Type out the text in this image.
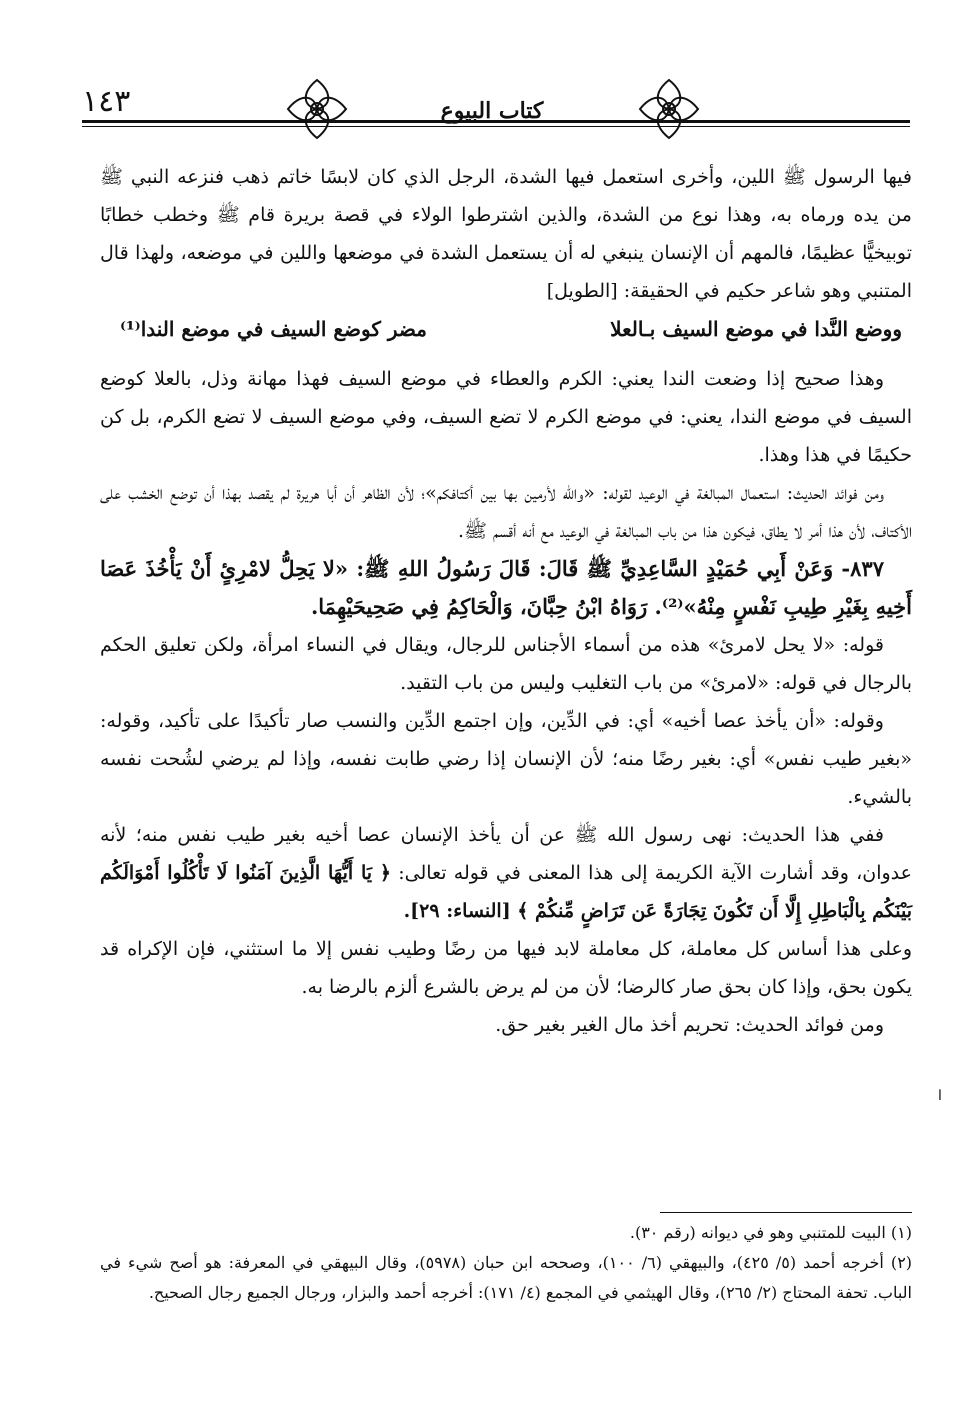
١٤٣	كتاب البيوع

فيها الرسول ﷺ اللين، وأخرى استعمل فيها الشدة، الرجل الذي كان لابسًا خاتم ذهب فنزعه النبي ﷺ من يده ورماه به، وهذا نوع من الشدة، والذين اشترطوا الولاء في قصة بريرة قام ﷺ وخطب خطابًا توبيخيًّا عظيمًا، فالمهم أن الإنسان ينبغي له أن يستعمل الشدة في موضعها واللين في موضعه، ولهذا قال المتنبي وهو شاعر حكيم في الحقيقة: [الطويل]

ووضع النَّدا في موضع السيف بـالعلا
مضر كوضع السيف في موضع الندا⁽¹⁾

وهذا صحيح إذا وضعت الندا يعني: الكرم والعطاء في موضع السيف فهذا مهانة وذل، بالعلا كوضع السيف في موضع الندا، يعني: في موضع الكرم لا تضع السيف، وفي موضع السيف لا تضع الكرم، بل كن حكيمًا في هذا وهذا.

ومن فوائد الحديث: استعمال المبالغة في الوعيد لقوله: «والله لأرمين بها بين أكتافكم»؛ لأن الظاهر أن أبا هريرة لم يقصد بهذا أن توضع الخشب على الأكتاف، لأن هذا أمر لا يطاق، فيكون هذا من باب المبالغة في الوعيد مع أنه أقسم ﷺ.

٨٣٧- وَعَنْ أَبِي حُمَيْدٍ السَّاعِدِيِّ ﷺ قَالَ: قَالَ رَسُولُ اللهِ ﷺ: «لا يَحِلُّ لامْرِئٍ أَنْ يَأْخُذَ عَصَا أَخِيهِ بِغَيْرِ طِيبِ نَفْسٍ مِنْهُ»⁽²⁾. رَوَاهُ ابْنُ حِبَّانَ، وَالْحَاكِمُ فِي صَحِيحَيْهِمَا.

قوله: «لا يحل لامرئ» هذه من أسماء الأجناس للرجال، ويقال في النساء امرأة، ولكن تعليق الحكم بالرجال في قوله: «لامرئ» من باب التغليب وليس من باب التقيد.

وقوله: «أن يأخذ عصا أخيه» أي: في الدِّين، وإن اجتمع الدِّين والنسب صار تأكيدًا على تأكيد، وقوله: «بغير طيب نفس» أي: بغير رضًا منه؛ لأن الإنسان إذا رضي طابت نفسه، وإذا لم يرضي لشُحت نفسه بالشيء.

ففي هذا الحديث: نهى رسول الله ﷺ عن أن يأخذ الإنسان عصا أخيه بغير طيب نفس منه؛ لأنه عدوان، وقد أشارت الآية الكريمة إلى هذا المعنى في قوله تعالى: ﴿ يَا أَيُّهَا الَّذِينَ آمَنُوا لَا تَأْكُلُوا أَمْوَالَكُم بَيْنَكُم بِالْبَاطِلِ إِلَّا أَن تَكُونَ تِجَارَةً عَن تَرَاضٍ مِّنكُمْ ﴾ [النساء: ٢٩].

وعلى هذا أساس كل معاملة، كل معاملة لابد فيها من رضًا وطيب نفس إلا ما استثني، فإن الإكراه قد يكون بحق، وإذا كان بحق صار كالرضا؛ لأن من لم يرض بالشرع ألزم بالرضا به.

ومن فوائد الحديث: تحريم أخذ مال الغير بغير حق.

(١) البيت للمتنبي وهو في ديوانه (رقم ٣٠).

(٢) أخرجه أحمد (٥/ ٤٢٥)، والبيهقي (٦/ ١٠٠)، وصححه ابن حبان (٥٩٧٨)، وقال البيهقي في المعرفة: هو أصح شيء في الباب. تحفة المحتاج (٢/ ٢٦٥)، وقال الهيثمي في المجمع (٤/ ١٧١): أخرجه أحمد والبزار، ورجال الجميع رجال الصحيح.

ا
